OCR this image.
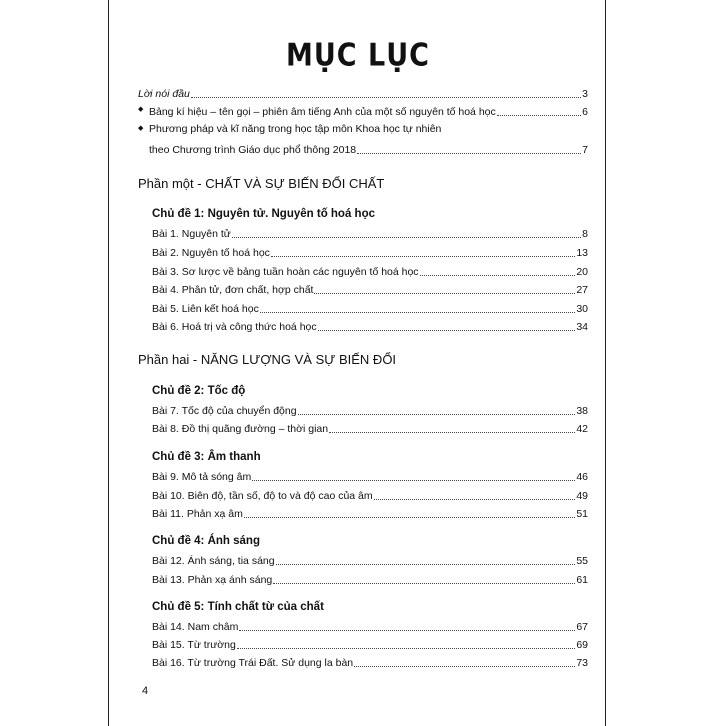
MỤC LỤC
Lời nói đầu	3
◆ Bảng kí hiệu – tên gọi – phiên âm tiếng Anh của một số nguyên tố hoá học	6
◆ Phương pháp và kĩ năng trong học tập môn Khoa học tự nhiên
theo Chương trình Giáo dục phổ thông 2018	7
Phần một - CHẤT VÀ SỰ BIẾN ĐỔI CHẤT
Chủ đề 1: Nguyên tử. Nguyên tố hoá học
Bài 1. Nguyên tử	8
Bài 2. Nguyên tố hoá học	13
Bài 3. Sơ lược về bảng tuần hoàn các nguyên tố hoá học	20
Bài 4. Phân tử, đơn chất, hợp chất	27
Bài 5. Liên kết hoá học	30
Bài 6. Hoá trị và công thức hoá học	34
Phần hai - NĂNG LƯỢNG VÀ SỰ BIẾN ĐỔI
Chủ đề 2: Tốc độ
Bài 7. Tốc độ của chuyển động	38
Bài 8. Đồ thị quãng đường – thời gian	42
Chủ đề 3: Âm thanh
Bài 9. Mô tả sóng âm	46
Bài 10. Biên độ, tần số, độ to và độ cao của âm	49
Bài 11. Phản xạ âm	51
Chủ đề 4: Ánh sáng
Bài 12. Ánh sáng, tia sáng	55
Bài 13. Phản xạ ánh sáng	61
Chủ đề 5: Tính chất từ của chất
Bài 14. Nam châm	67
Bài 15. Từ trường	69
Bài 16. Từ trường Trái Đất. Sử dụng la bàn	73
4
